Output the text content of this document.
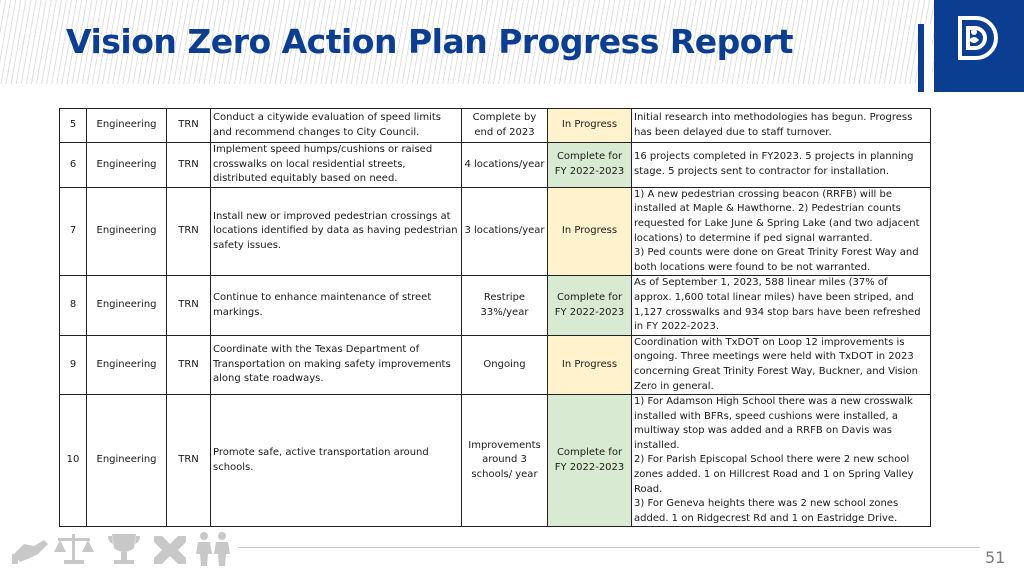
Vision Zero Action Plan Progress Report
5	Engineering	TRN	Conduct a citywide evaluation of speed limits and recommend changes to City Council.	Complete by end of 2023	In Progress	Initial research into methodologies has begun. Progress has been delayed due to staff turnover.
6	Engineering	TRN	Implement speed humps/cushions or raised crosswalks on local residential streets, distributed equitably based on need.	4 locations/year	Complete for FY 2022-2023	16 projects completed in FY2023. 5 projects in planning stage. 5 projects sent to contractor for installation.
7	Engineering	TRN	Install new or improved pedestrian crossings at locations identified by data as having pedestrian safety issues.	3 locations/year	In Progress	1) A new pedestrian crossing beacon (RRFB) will be installed at Maple & Hawthorne. 2) Pedestrian counts requested for Lake June & Spring Lake (and two adjacent locations) to determine if ped signal warranted.
3) Ped counts were done on Great Trinity Forest Way and both locations were found to be not warranted.
8	Engineering	TRN	Continue to enhance maintenance of street markings.	Restripe 33%/year	Complete for FY 2022-2023	As of September 1, 2023, 588 linear miles (37% of approx. 1,600 total linear miles) have been striped, and 1,127 crosswalks and 934 stop bars have been refreshed in FY 2022-2023.
9	Engineering	TRN	Coordinate with the Texas Department of Transportation on making safety improvements along state roadways.	Ongoing	In Progress	Coordination with TxDOT on Loop 12 improvements is ongoing. Three meetings were held with TxDOT in 2023 concerning Great Trinity Forest Way, Buckner, and Vision Zero in general.
10	Engineering	TRN	Promote safe, active transportation around schools.	Improvements around 3 schools/ year	Complete for FY 2022-2023	1) For Adamson High School there was a new crosswalk installed with BFRs, speed cushions were installed, a multiway stop was added and a RRFB on Davis was installed.
2) For Parish Episcopal School there were 2 new school zones added. 1 on Hillcrest Road and 1 on Spring Valley Road.
3) For Geneva heights there was 2 new school zones added. 1 on Ridgecrest Rd and 1 on Eastridge Drive.
51
